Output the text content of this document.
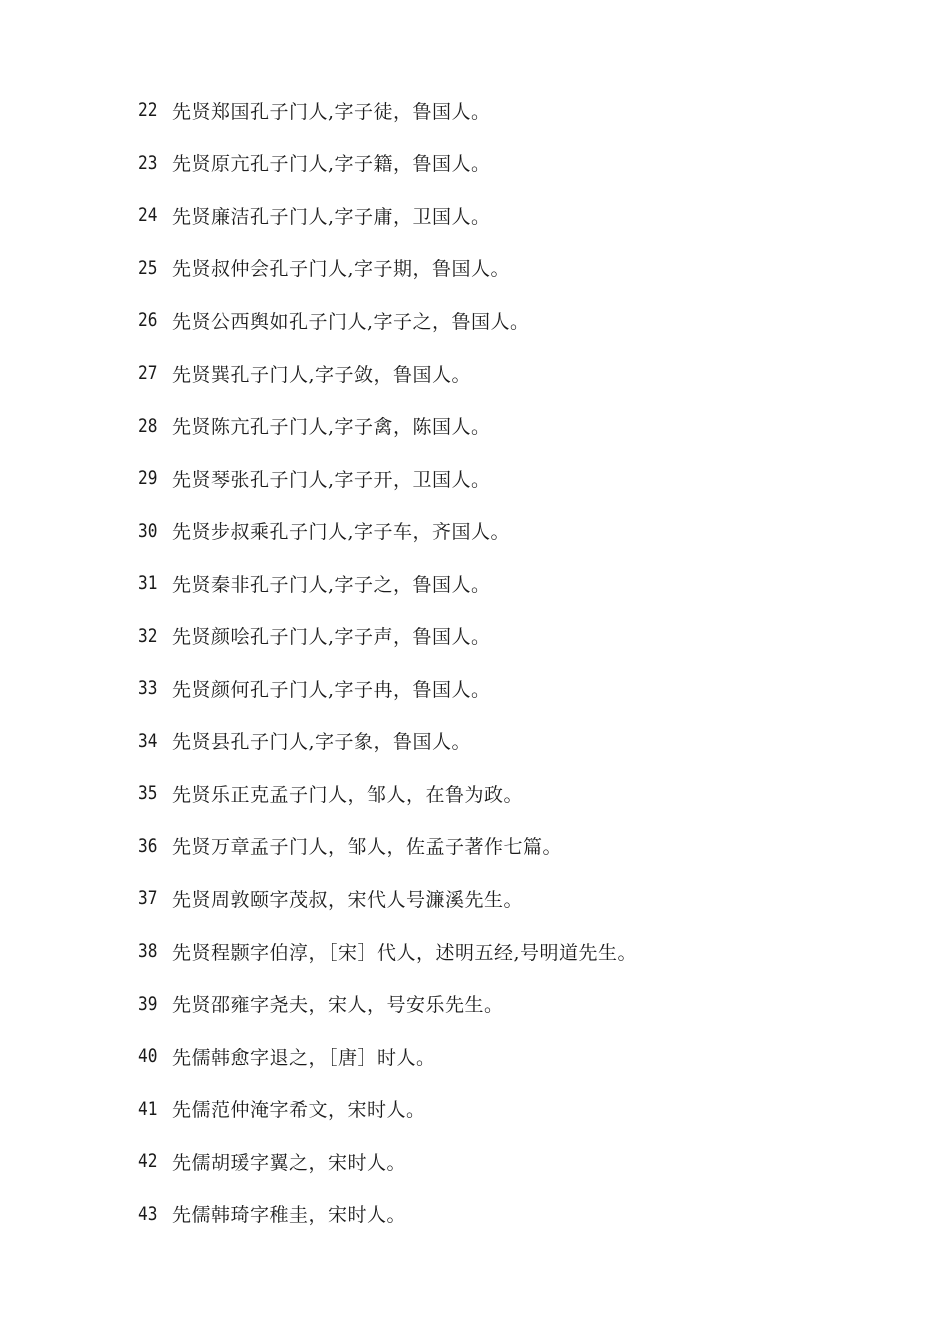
22 先贤郑国孔子门人,字子徒，鲁国人。
23 先贤原亢孔子门人,字子籍，鲁国人。
24 先贤廉洁孔子门人,字子庸，卫国人。
25 先贤叔仲会孔子门人,字子期，鲁国人。
26 先贤公西舆如孔子门人,字子之，鲁国人。
27 先贤巽孔子门人,字子敛，鲁国人。
28 先贤陈亢孔子门人,字子禽，陈国人。
29 先贤琴张孔子门人,字子开，卫国人。
30 先贤步叔乘孔子门人,字子车，齐国人。
31 先贤秦非孔子门人,字子之，鲁国人。
32 先贤颜哙孔子门人,字子声，鲁国人。
33 先贤颜何孔子门人,字子冉，鲁国人。
34 先贤县孔子门人,字子象，鲁国人。
35 先贤乐正克孟子门人，邹人，在鲁为政。
36 先贤万章孟子门人，邹人，佐孟子著作七篇。
37 先贤周敦颐字茂叔，宋代人号濂溪先生。
38 先贤程颢字伯淳，［宋］代人，述明五经,号明道先生。
39 先贤邵雍字尧夫，宋人，号安乐先生。
40 先儒韩愈字退之，［唐］时人。
41 先儒范仲淹字希文，宋时人。
42 先儒胡瑗字翼之，宋时人。
43 先儒韩琦字稚圭，宋时人。
